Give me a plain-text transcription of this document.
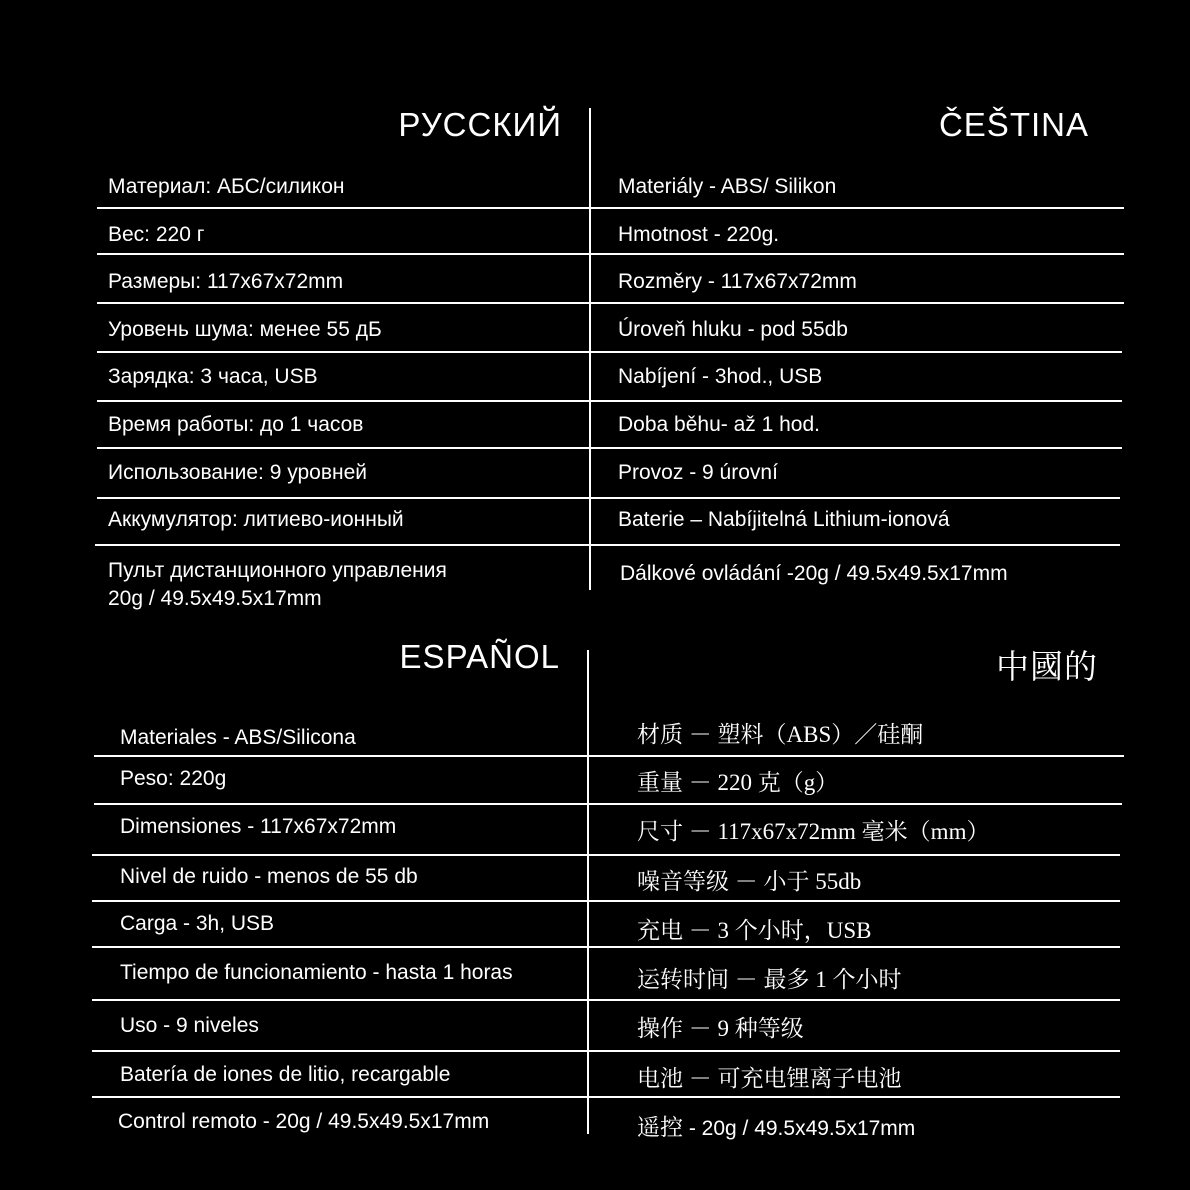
РУССКИЙ	ČEŠTINA
Материал: АБС/силикон
Вес: 220 г
Размеры: 117x67x72mm
Уровень шума: менее 55 дБ
Зарядка: 3 часа, USB
Время работы: до 1 часов
Использование: 9 уровней
Аккумулятор: литиево-ионный
Пульт дистанционного управления
20g / 49.5x49.5x17mm
Materiály - ABS/ Silikon
Hmotnost - 220g.
Rozměry - 117x67x72mm
Úroveň hluku - pod 55db
Nabíjení - 3hod., USB
Doba běhu- až 1 hod.
Provoz - 9 úrovní
Baterie – Nabíjitelná Lithium-ionová
Dálkové ovládání -20g / 49.5x49.5x17mm
ESPAÑOL	中國的
Materiales - ABS/Silicona
Peso: 220g
Dimensiones - 117x67x72mm
Nivel de ruido - menos de 55 db
Carga - 3h, USB
Tiempo de funcionamiento - hasta 1 horas
Uso - 9 niveles
Batería de iones de litio, recargable
Control remoto - 20g / 49.5x49.5x17mm
材质 － 塑料（ABS）／硅酮
重量 － 220 克（g）
尺寸 － 117x67x72mm 毫米（mm）
噪音等级 － 小于 55db
充电 － 3 个小时，USB
运转时间 － 最多 1 个小时
操作 － 9 种等级
电池 － 可充电锂离子电池
遥控 - 20g / 49.5x49.5x17mm
